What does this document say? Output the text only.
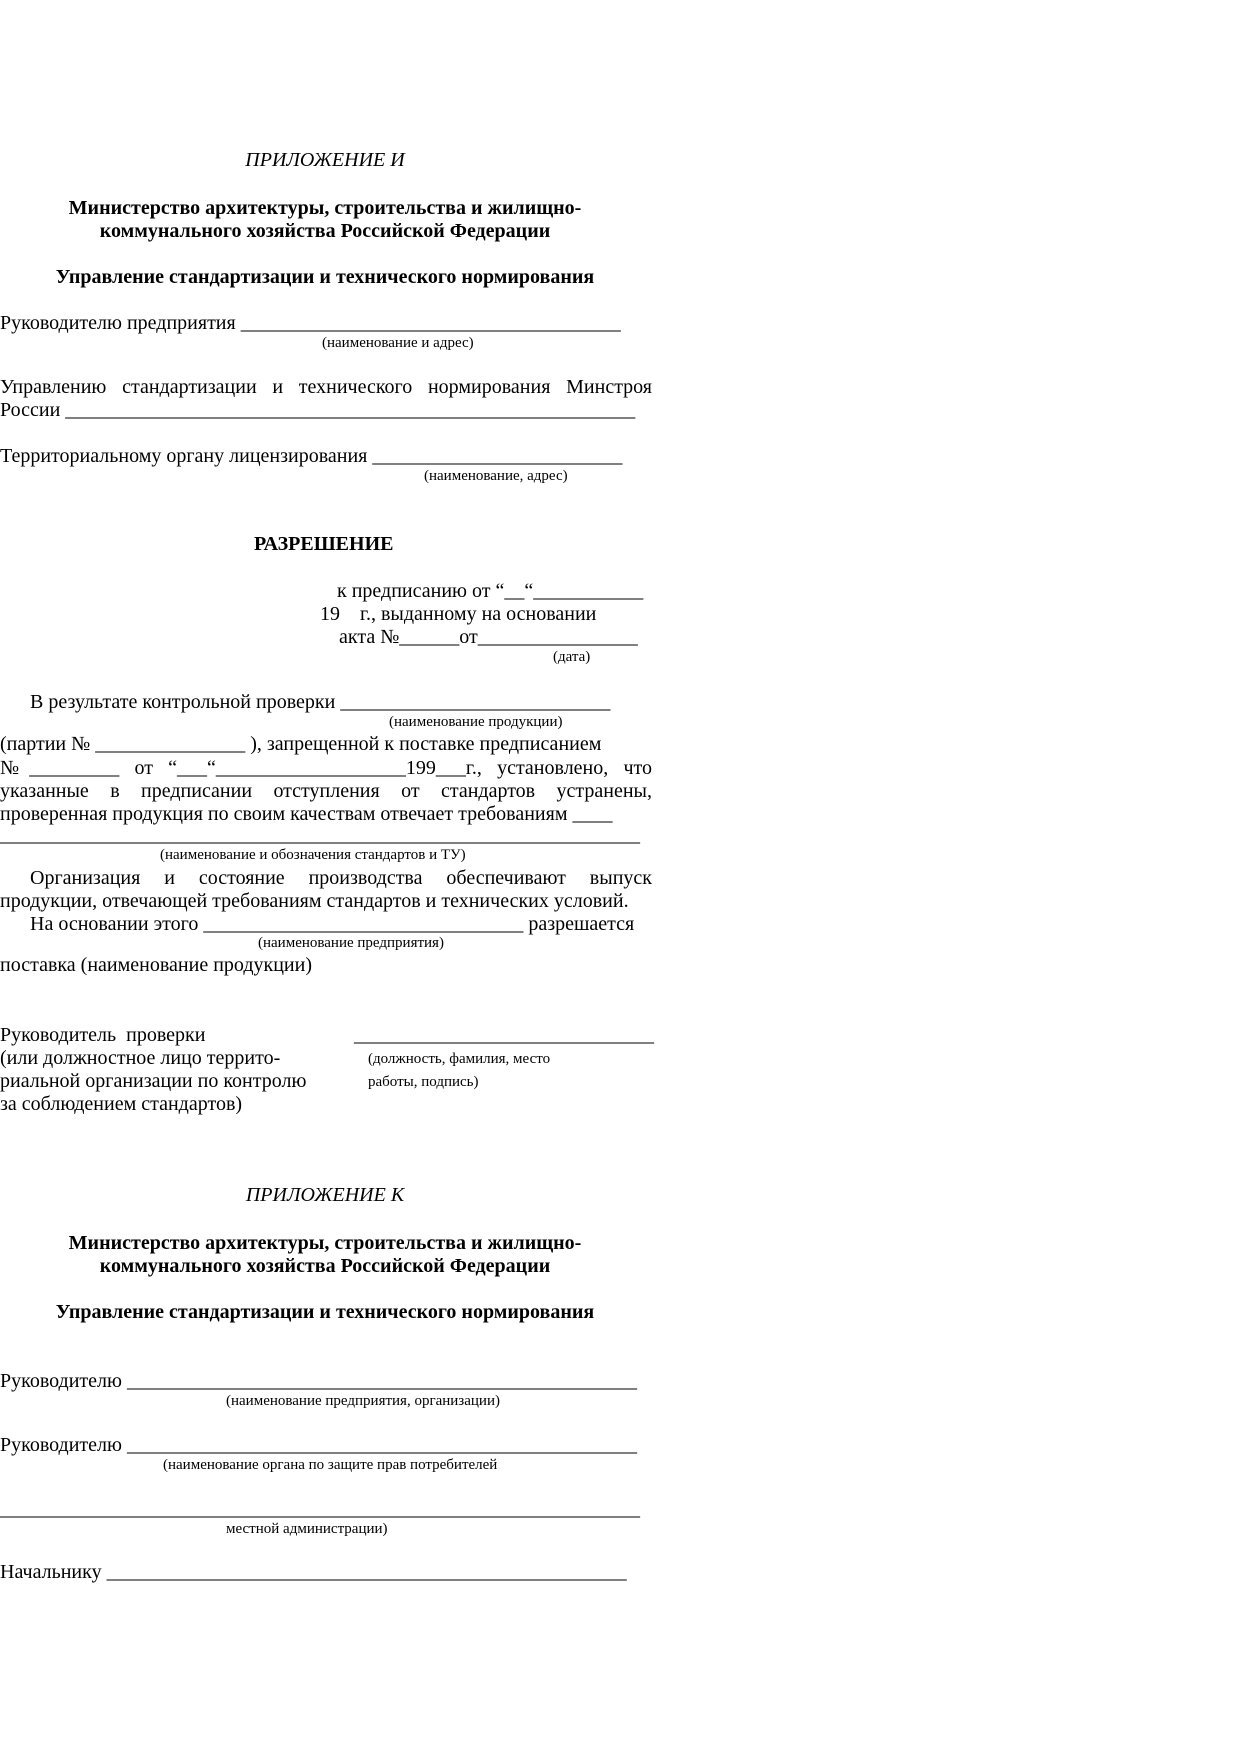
ПРИЛОЖЕНИЕ И
Министерство архитектуры, строительства и жилищно-
коммунального хозяйства Российской Федерации
Управление стандартизации и технического нормирования
Руководителю предприятия ______________________________________
(наименование и адрес)
Управлению стандартизации и технического нормирования Минстроя
России _________________________________________________________
Территориальному органу лицензирования _________________________
(наименование, адрес)
РАЗРЕШЕНИЕ
к предписанию от “__“___________
19    г., выданному на основании
акта №______от________________
(дата)
В результате контрольной проверки ___________________________
(наименование продукции)
(партии № _______________ ), запрещенной к поставке предписанием
№_________ от “___“___________________199___г., установлено, что
указанные в предписании отступления от стандартов устранены,
проверенная продукция по своим качествам отвечает требованиям ____
________________________________________________________________
(наименование и обозначения стандартов и ТУ)
Организация и состояние производства обеспечивают выпуск
продукции, отвечающей требованиям стандартов и технических условий.
На основании этого ________________________________ разрешается
(наименование предприятия)
поставка (наименование продукции)
Руководитель  проверки
(или должностное лицо террито-
риальной организации по контролю
за соблюдением стандартов)
______________________________
(должность, фамилия, место
работы, подпись)
ПРИЛОЖЕНИЕ К
Министерство архитектуры, строительства и жилищно-
коммунального хозяйства Российской Федерации
Управление стандартизации и технического нормирования
Руководителю ___________________________________________________
(наименование предприятия, организации)
Руководителю ___________________________________________________
(наименование органа по защите прав потребителей
________________________________________________________________
местной администрации)
Начальнику ____________________________________________________
